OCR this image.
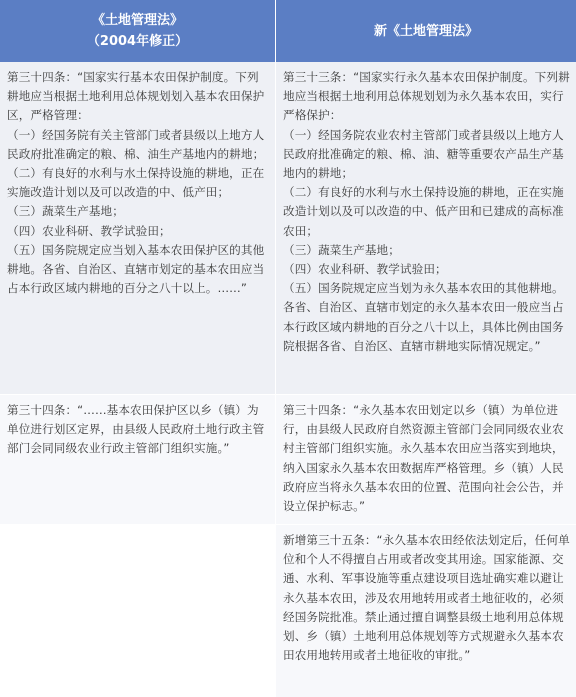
《土地管理法》
（2004年修正）
新《土地管理法》
第三十四条：“国家实行基本农田保护制度。下列耕地应当根据土地利用总体规划划入基本农田保护区，严格管理：
（一）经国务院有关主管部门或者县级以上地方人民政府批准确定的粮、棉、油生产基地内的耕地；
（二）有良好的水利与水土保持设施的耕地，正在实施改造计划以及可以改造的中、低产田；
（三）蔬菜生产基地；
（四）农业科研、教学试验田；
（五）国务院规定应当划入基本农田保护区的其他耕地。各省、自治区、直辖市划定的基本农田应当占本行政区域内耕地的百分之八十以上。……”
第三十三条：“国家实行永久基本农田保护制度。下列耕地应当根据土地利用总体规划划为永久基本农田，实行严格保护：
（一）经国务院农业农村主管部门或者县级以上地方人民政府批准确定的粮、棉、油、糖等重要农产品生产基地内的耕地；
（二）有良好的水利与水土保持设施的耕地，正在实施改造计划以及可以改造的中、低产田和已建成的高标准农田；
（三）蔬菜生产基地；
（四）农业科研、教学试验田；
（五）国务院规定应当划为永久基本农田的其他耕地。各省、自治区、直辖市划定的永久基本农田一般应当占本行政区域内耕地的百分之八十以上，具体比例由国务院根据各省、自治区、直辖市耕地实际情况规定。”
第三十四条：“……基本农田保护区以乡（镇）为单位进行划区定界，由县级人民政府土地行政主管部门会同同级农业行政主管部门组织实施。”
第三十四条：“永久基本农田划定以乡（镇）为单位进行，由县级人民政府自然资源主管部门会同同级农业农村主管部门组织实施。永久基本农田应当落实到地块，纳入国家永久基本农田数据库严格管理。乡（镇）人民政府应当将永久基本农田的位置、范围向社会公告，并设立保护标志。”
新增第三十五条：“永久基本农田经依法划定后，任何单位和个人不得擅自占用或者改变其用途。国家能源、交通、水利、军事设施等重点建设项目选址确实难以避让永久基本农田，涉及农用地转用或者土地征收的，必须经国务院批准。禁止通过擅自调整县级土地利用总体规划、乡（镇）土地利用总体规划等方式规避永久基本农田农用地转用或者土地征收的审批。”
